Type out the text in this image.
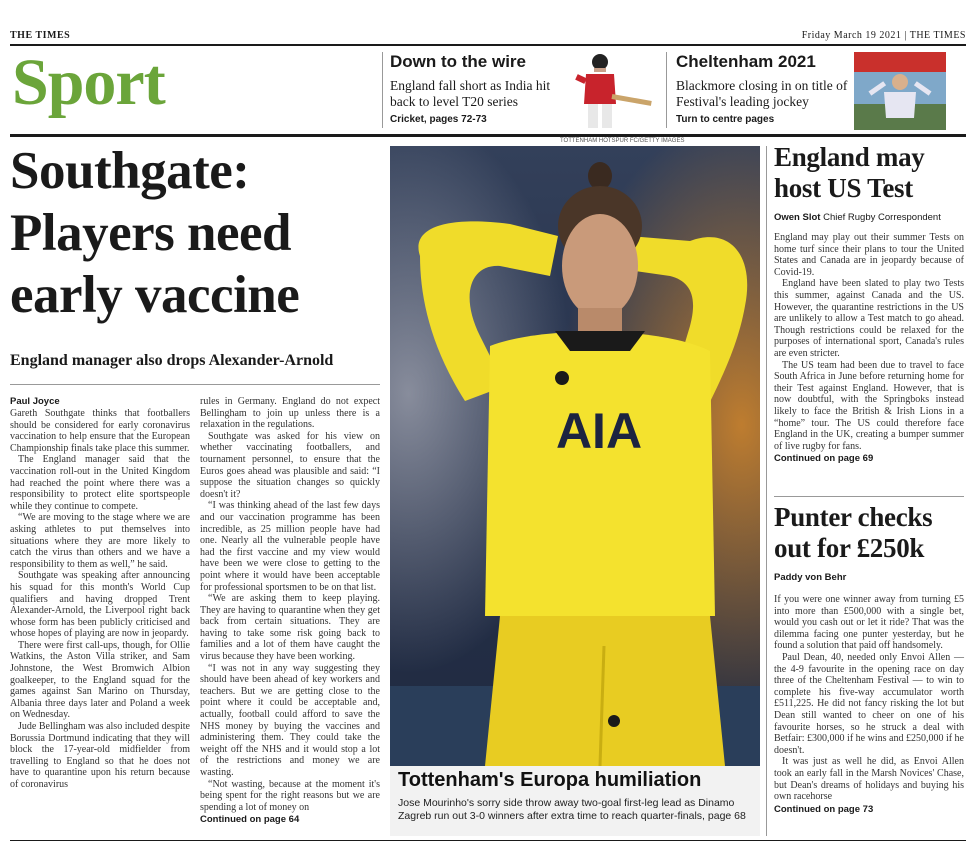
THE TIMES	Friday March 19 2021 | THE TIMES
Sport	Down to the wire
England fall short as India hit back to level T20 series
Cricket, pages 72-73
Cheltenham 2021
Blackmore closing in on title of Festival's leading jockey
Turn to centre pages
Southgate: Players need early vaccine
England manager also drops Alexander-Arnold
Paul Joyce

Gareth Southgate thinks that footballers should be considered for early coronavirus vaccination to help ensure that the European Championship finals take place this summer.

The England manager said that the vaccination roll-out in the United Kingdom had reached the point where there was a responsibility to protect elite sportspeople while they continue to compete.

“We are moving to the stage where we are asking athletes to put themselves into situations where they are more likely to catch the virus than others and we have a responsibility to them as well,” he said.

Southgate was speaking after announcing his squad for this month's World Cup qualifiers and having dropped Trent Alexander-Arnold, the Liverpool right back whose form has been publicly criticised and whose hopes of playing are now in jeopardy.

There were first call-ups, though, for Ollie Watkins, the Aston Villa striker, and Sam Johnstone, the West Bromwich Albion goalkeeper, to the England squad for the games against San Marino on Thursday, Albania three days later and Poland a week on Wednesday.

Jude Bellingham was also included despite Borussia Dortmund indicating that they will block the 17-year-old midfielder from travelling to England so that he does not have to quarantine upon his return because of coronavirus

rules in Germany. England do not expect Bellingham to join up unless there is a relaxation in the regulations.

Southgate was asked for his view on whether vaccinating footballers, and tournament personnel, to ensure that the Euros goes ahead was plausible and said: “I suppose the situation changes so quickly doesn't it?

“I was thinking ahead of the last few days and our vaccination programme has been incredible, as 25 million people have had one. Nearly all the vulnerable people have had the first vaccine and my view would have been we were close to getting to the point where it would have been acceptable for professional sportsmen to be on that list.

“We are asking them to keep playing. They are having to quarantine when they get back from certain situations. They are having to take some risk going back to families and a lot of them have caught the virus because they have been working.

“I was not in any way suggesting they should have been ahead of key workers and teachers. But we are getting close to the point where it could be acceptable and, actually, football could afford to save the NHS money by buying the vaccines and administering them. They could take the weight off the NHS and it would stop a lot of the restrictions and money we are wasting.

“Not wasting, because at the moment it's being spent for the right reasons but we are spending a lot of money on

Continued on page 64
TOTTENHAM HOTSPUR FC/GETTY IMAGES
AIA
Tottenham's Europa humiliation
Jose Mourinho's sorry side throw away two-goal first-leg lead as Dinamo Zagreb run out 3-0 winners after extra time to reach quarter-finals, page 68
England may host US Test
Owen Slot Chief Rugby Correspondent

England may play out their summer Tests on home turf since their plans to tour the United States and Canada are in jeopardy because of Covid-19.

England have been slated to play two Tests this summer, against Canada and the US. However, the quarantine restrictions in the US are unlikely to allow a Test match to go ahead. Though restrictions could be relaxed for the purposes of international sport, Canada's rules are even stricter.

The US team had been due to travel to face South Africa in June before returning home for their Test against England. However, that is now doubtful, with the Springboks instead likely to face the British & Irish Lions in a “home” tour. The US could therefore face England in the UK, creating a bumper summer of live rugby for fans.

Continued on page 69
Punter checks out for £250k
Paddy von Behr

If you were one winner away from turning £5 into more than £500,000 with a single bet, would you cash out or let it ride? That was the dilemma facing one punter yesterday, but he found a solution that paid off handsomely.

Paul Dean, 40, needed only Envoi Allen — the 4-9 favourite in the opening race on day three of the Cheltenham Festival — to win to complete his five-way accumulator worth £511,225. He did not fancy risking the lot but Dean still wanted to cheer on one of his favourite horses, so he struck a deal with Betfair: £300,000 if he wins and £250,000 if he doesn't.

It was just as well he did, as Envoi Allen took an early fall in the Marsh Novices' Chase, but Dean's dreams of holidays and buying his own racehorse

Continued on page 73
